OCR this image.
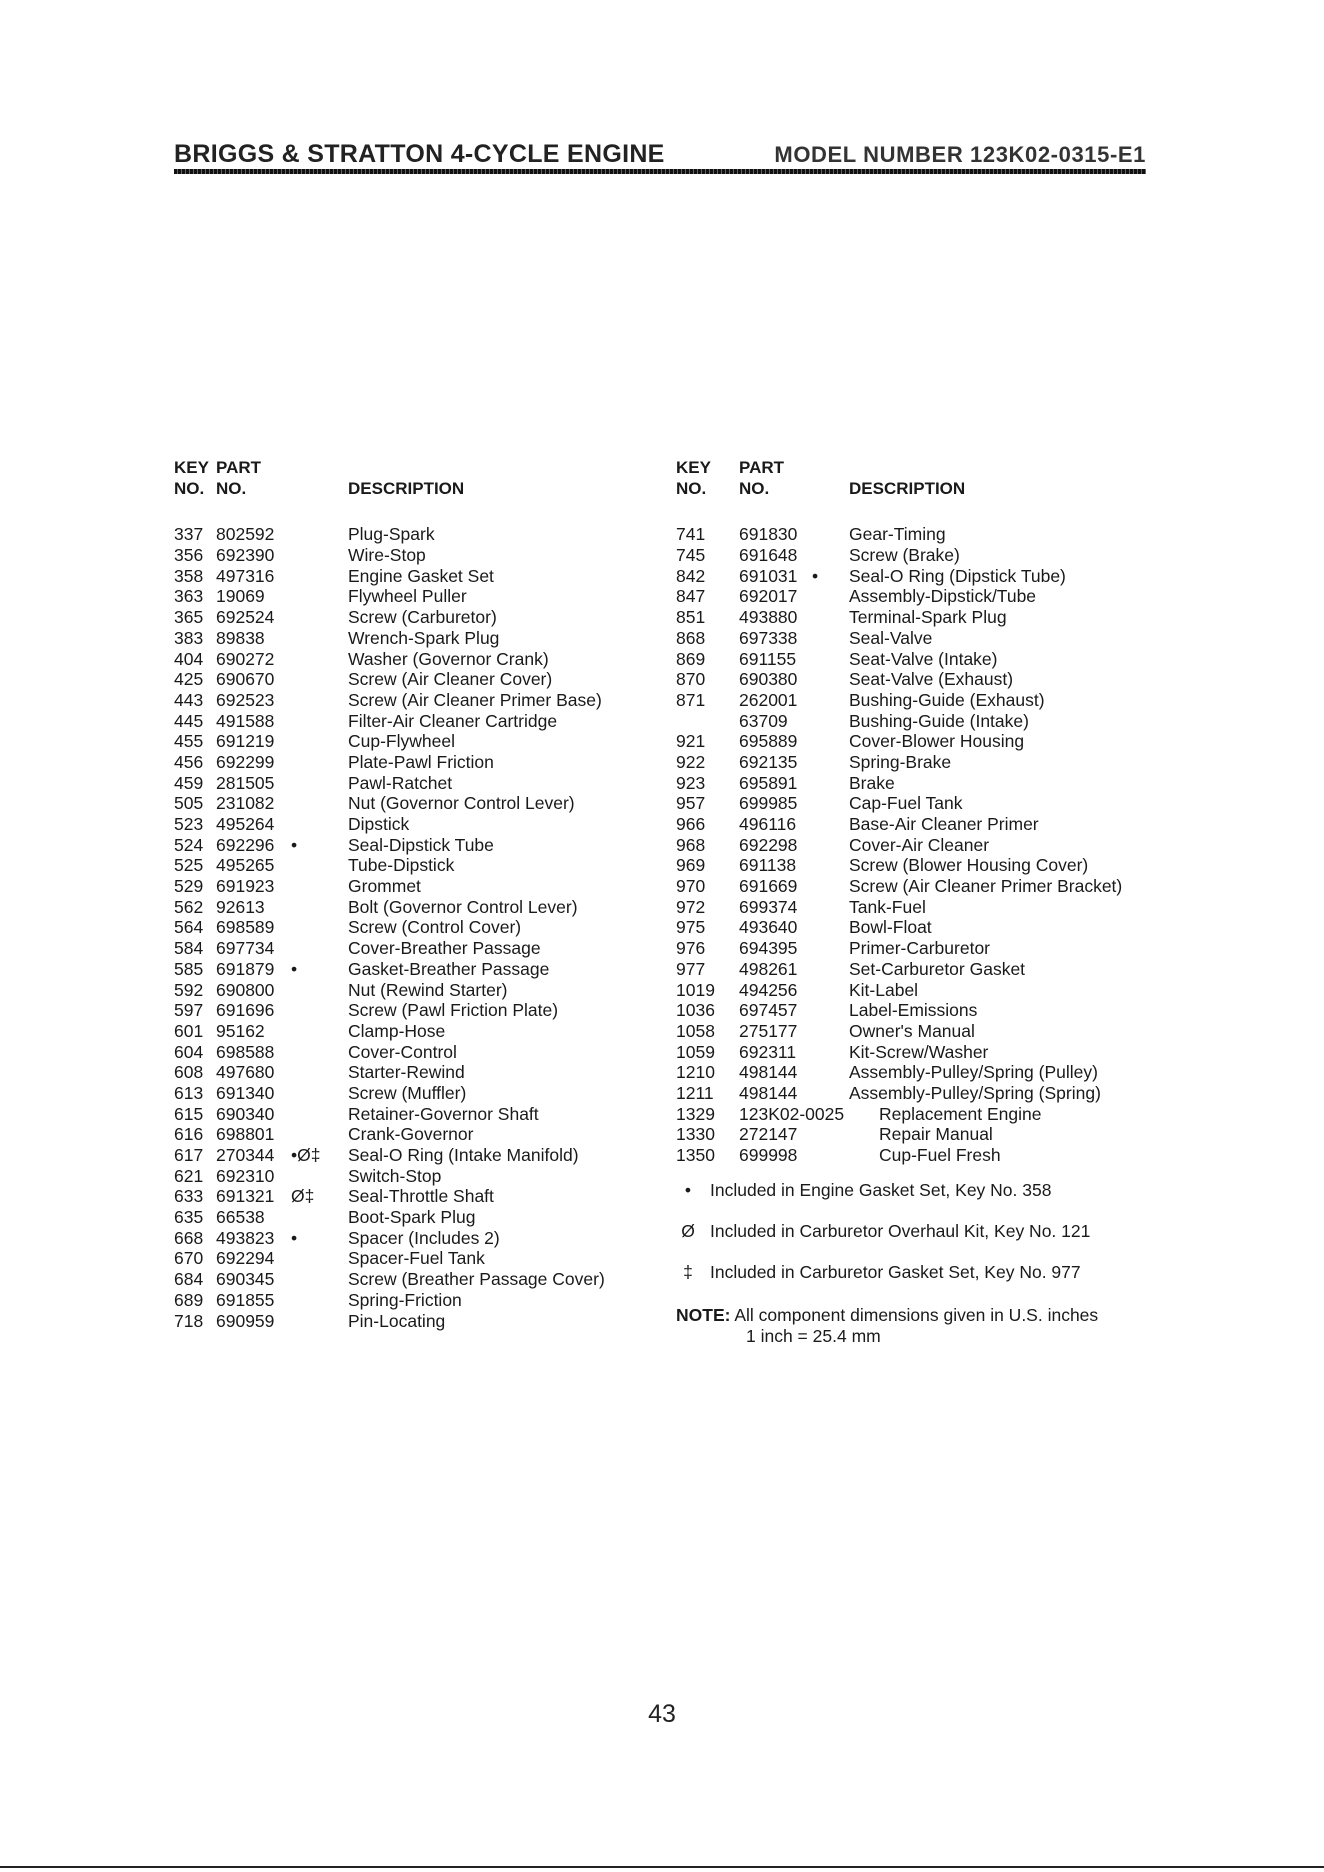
BRIGGS & STRATTON 4-CYCLE ENGINE	MODEL NUMBER 123K02-0315-E1
KEY PART
NO. NO.	DESCRIPTION
337 802592	Plug-Spark
356 692390	Wire-Stop
358 497316	Engine Gasket Set
363 19069	Flywheel Puller
365 692524	Screw (Carburetor)
383 89838	Wrench-Spark Plug
404 690272	Washer (Governor Crank)
425 690670	Screw (Air Cleaner Cover)
443 692523	Screw (Air Cleaner Primer Base)
445 491588	Filter-Air Cleaner Cartridge
455 691219	Cup-Flywheel
456 692299	Plate-Pawl Friction
459 281505	Pawl-Ratchet
505 231082	Nut (Governor Control Lever)
523 495264	Dipstick
524 692296 •	Seal-Dipstick Tube
525 495265	Tube-Dipstick
529 691923	Grommet
562 92613	Bolt (Governor Control Lever)
564 698589	Screw (Control Cover)
584 697734	Cover-Breather Passage
585 691879 •	Gasket-Breather Passage
592 690800	Nut (Rewind Starter)
597 691696	Screw (Pawl Friction Plate)
601 95162	Clamp-Hose
604 698588	Cover-Control
608 497680	Starter-Rewind
613 691340	Screw (Muffler)
615 690340	Retainer-Governor Shaft
616 698801	Crank-Governor
617 270344 •Ø‡ Seal-O Ring (Intake Manifold)
621 692310	Switch-Stop
633 691321 Ø‡ Seal-Throttle Shaft
635 66538	Boot-Spark Plug
668 493823 •	Spacer (Includes 2)
670 692294	Spacer-Fuel Tank
684 690345	Screw (Breather Passage Cover)
689 691855	Spring-Friction
718 690959	Pin-Locating
KEY PART
NO. NO.	DESCRIPTION
741 691830	Gear-Timing
745 691648	Screw (Brake)
842 691031 • Seal-O Ring (Dipstick Tube)
847 692017	Assembly-Dipstick/Tube
851 493880	Terminal-Spark Plug
868 697338	Seal-Valve
869 691155	Seat-Valve (Intake)
870 690380	Seat-Valve (Exhaust)
871 262001	Bushing-Guide (Exhaust)
63709	Bushing-Guide (Intake)
921 695889	Cover-Blower Housing
922 692135	Spring-Brake
923 695891	Brake
957 699985	Cap-Fuel Tank
966 496116	Base-Air Cleaner Primer
968 692298	Cover-Air Cleaner
969 691138	Screw (Blower Housing Cover)
970 691669	Screw (Air Cleaner Primer Bracket)
972 699374	Tank-Fuel
975 493640	Bowl-Float
976 694395	Primer-Carburetor
977 498261	Set-Carburetor Gasket
1019 494256	Kit-Label
1036 697457	Label-Emissions
1058 275177	Owner's Manual
1059 692311	Kit-Screw/Washer
1210 498144	Assembly-Pulley/Spring (Pulley)
1211 498144	Assembly-Pulley/Spring (Spring)
1329 123K02-0025 Replacement Engine
1330 272147	Repair Manual
1350 699998	Cup-Fuel Fresh
•	Included in Engine Gasket Set, Key No. 358
Ø Included in Carburetor Overhaul Kit, Key No. 121
‡ Included in Carburetor Gasket Set, Key No. 977
NOTE: All component dimensions given in U.S. inches
1 inch = 25.4 mm
43
